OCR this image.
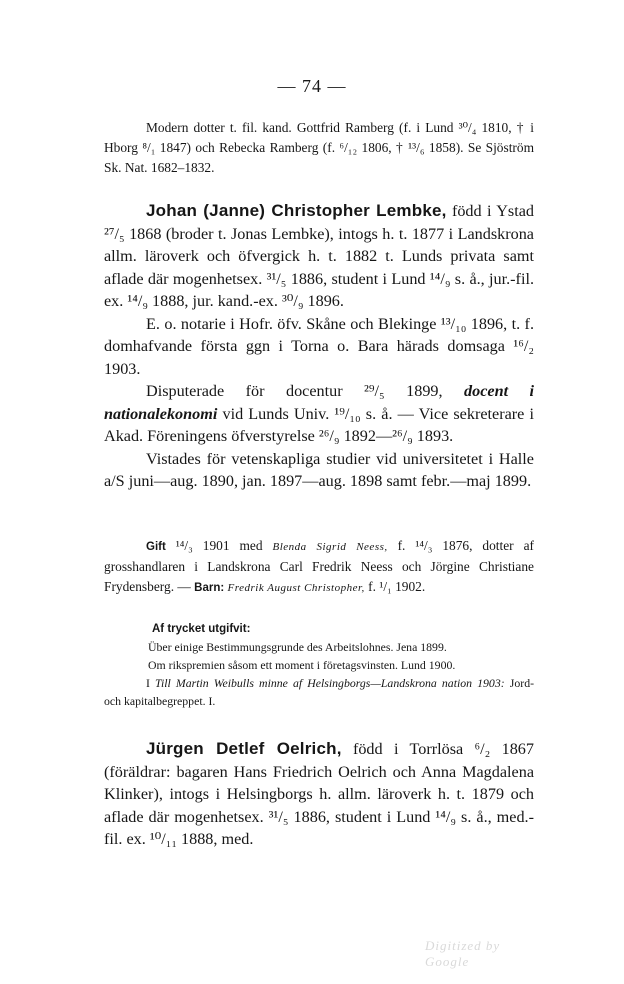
— 74 —
Modern dotter t. fil. kand. Gottfrid Ramberg (f. i Lund ³⁰/₄ 1810, † i Hborg ⁸/₁ 1847) och Rebecka Ramberg (f. ⁶/₁₂ 1806, † ¹³/₆ 1858). Se Sjöström Sk. Nat. 1682–1832.

Johan (Janne) Christopher Lembke, född i Ystad ²⁷/₅ 1868 (broder t. Jonas Lembke), intogs h. t. 1877 i Landskrona allm. läroverk och öfvergick h. t. 1882 t. Lunds privata samt aflade där mogenhetsex. ³¹/₅ 1886, student i Lund ¹⁴/₉ s. å., jur.-fil. ex. ¹⁴/₉ 1888, jur. kand.-ex. ³⁰/₉ 1896.

E. o. notarie i Hofr. öfv. Skåne och Blekinge ¹³/₁₀ 1896, t. f. domhafvande första ggn i Torna o. Bara härads domsaga ¹⁶/₂ 1903.

Disputerade för docentur ²⁹/₅ 1899, docent i nationalekonomi vid Lunds Univ. ¹⁹/₁₀ s. å. — Vice sekreterare i Akad. Föreningens öfverstyrelse ²⁶/₉ 1892—²⁶/₉ 1893.

Vistades för vetenskapliga studier vid universitetet i Halle a/S juni—aug. 1890, jan. 1897—aug. 1898 samt febr.—maj 1899.

Gift ¹⁴/₃ 1901 med Blenda Sigrid Neess, f. ¹⁴/₃ 1876, dotter af grosshandlaren i Landskrona Carl Fredrik Neess och Jörgine Christiane Frydensberg. — Barn: Fredrik August Christopher, f. ¹/₁ 1902.

Af trycket utgifvit:
Über einige Bestimmungsgrunde des Arbeitslohnes. Jena 1899.
Om rikspremien såsom ett moment i företagsvinsten. Lund 1900.
I Till Martin Weibulls minne af Helsingborgs—Landskrona nation 1903: Jord- och kapitalbegreppet. I.

Jürgen Detlef Oelrich, född i Torrlösa ⁶/₂ 1867 (föräldrar: bagaren Hans Friedrich Oelrich och Anna Magdalena Klinker), intogs i Helsingborgs h. allm. läroverk h. t. 1879 och aflade där mogenhetsex. ³¹/₅ 1886, student i Lund ¹⁴/₉ s. å., med.-fil. ex. ¹⁰/₁₁ 1888, med.

Digitized by Google
